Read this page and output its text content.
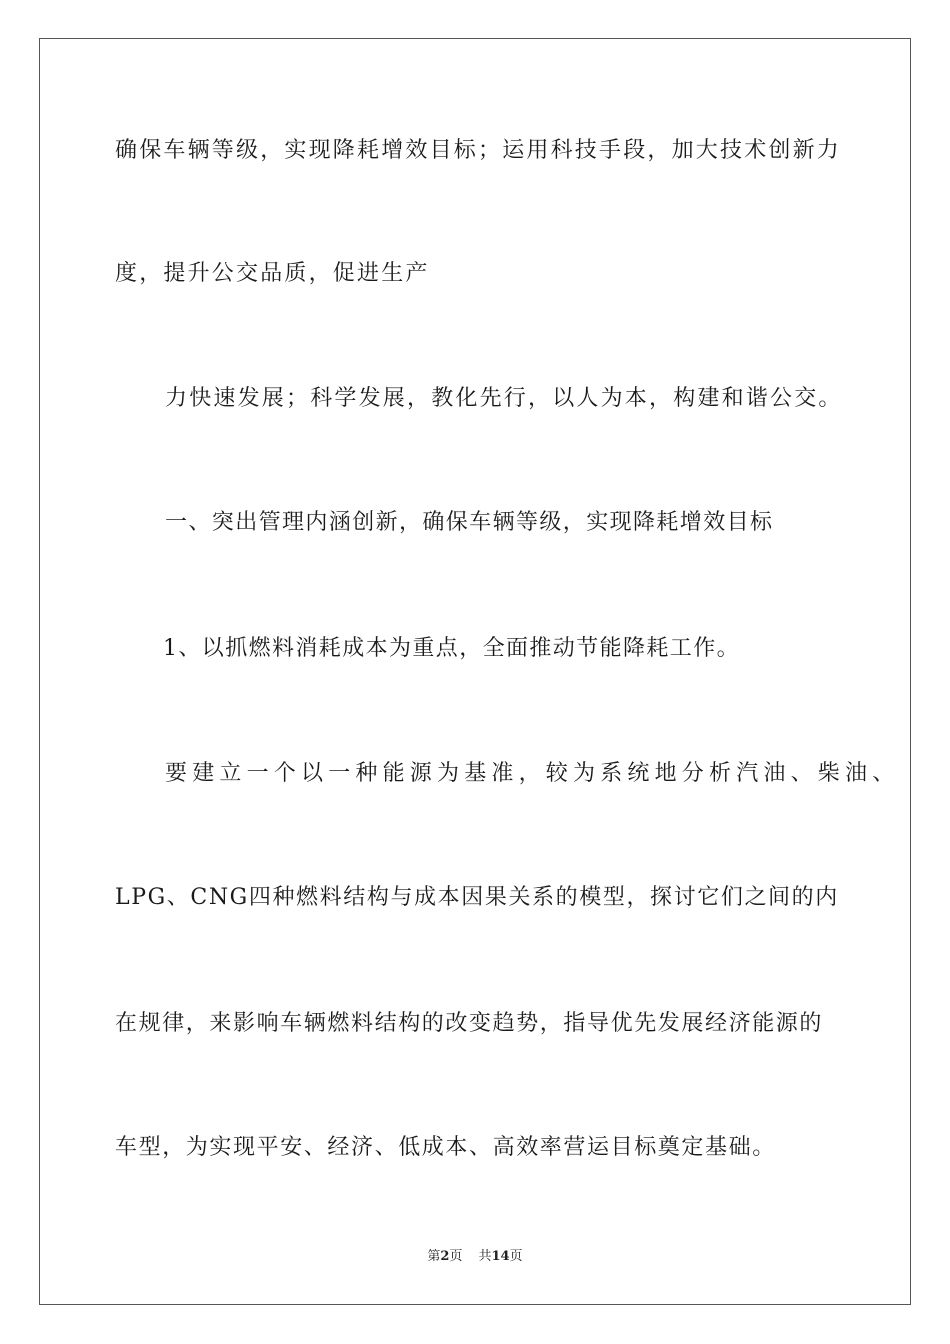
确保车辆等级，实现降耗增效目标；运用科技手段，加大技术创新力
度，提升公交品质，促进生产
力快速发展；科学发展，教化先行，以人为本，构建和谐公交。
一、突出管理内涵创新，确保车辆等级，实现降耗增效目标
1、以抓燃料消耗成本为重点，全面推动节能降耗工作。
要建立一个以一种能源为基准，较为系统地分析汽油、柴油、
LPG、CNG四种燃料结构与成本因果关系的模型，探讨它们之间的内
在规律，来影响车辆燃料结构的改变趋势，指导优先发展经济能源的
车型，为实现平安、经济、低成本、高效率营运目标奠定基础。
第2页 共14页
